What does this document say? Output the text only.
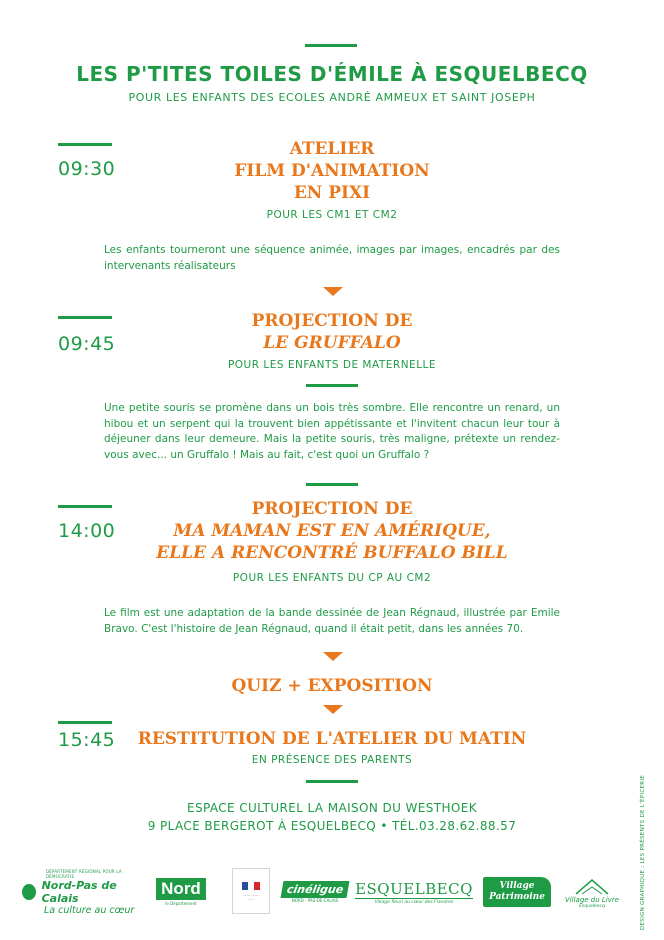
LES P'TITES TOILES D'ÉMILE À ESQUELBECQ
POUR LES ENFANTS DES ECOLES ANDRÉ AMMEUX ET SAINT JOSEPH
09:30
ATELIER
FILM D'ANIMATION
EN PIXI
POUR LES CM1 ET CM2
Les enfants tourneront une séquence animée, images par images, encadrés par des intervenants réalisateurs
09:45
PROJECTION DE
LE GRUFFALO
POUR LES ENFANTS DE MATERNELLE
Une petite souris se promène dans un bois très sombre. Elle rencontre un renard, un hibou et un serpent qui la trouvent bien appétissante et l'invitent chacun leur tour à déjeuner dans leur demeure. Mais la petite souris, très maligne, prétexte un rendez-vous avec... un Gruffalo ! Mais au fait, c'est quoi un Gruffalo ?
14:00
PROJECTION DE
MA MAMAN EST EN AMÉRIQUE,
ELLE A RENCONTRÉ BUFFALO BILL
POUR LES ENFANTS DU CP AU CM2
Le film est une adaptation de la bande dessinée de Jean Régnaud, illustrée par Emile Bravo. C'est l'histoire de Jean Régnaud, quand il était petit, dans les années 70.
QUIZ + EXPOSITION
15:45	RESTITUTION DE L'ATELIER DU MATIN
EN PRÉSENCE DES PARENTS
ESPACE CULTUREL LA MAISON DU WESTHOEK
9 PLACE BERGEROT À ESQUELBECQ • TÉL.03.28.62.88.57	DESIGN GRAPHIQUE : LES PRÉSENTS DE L'ÉPICERIE
DÉPARTEMENT RÉGIONAL POUR LA DÉMOCRATIE
Nord-Pas de Calais
La culture au cœur
Nord
le Département
—— ——
——
cinéligue
NORD - PAS-DE-CALAIS
ESQUELBECQ
Village fleuri au cœur des Flandres
Village Patrimoine	Village du Livre
Esquelbecq
